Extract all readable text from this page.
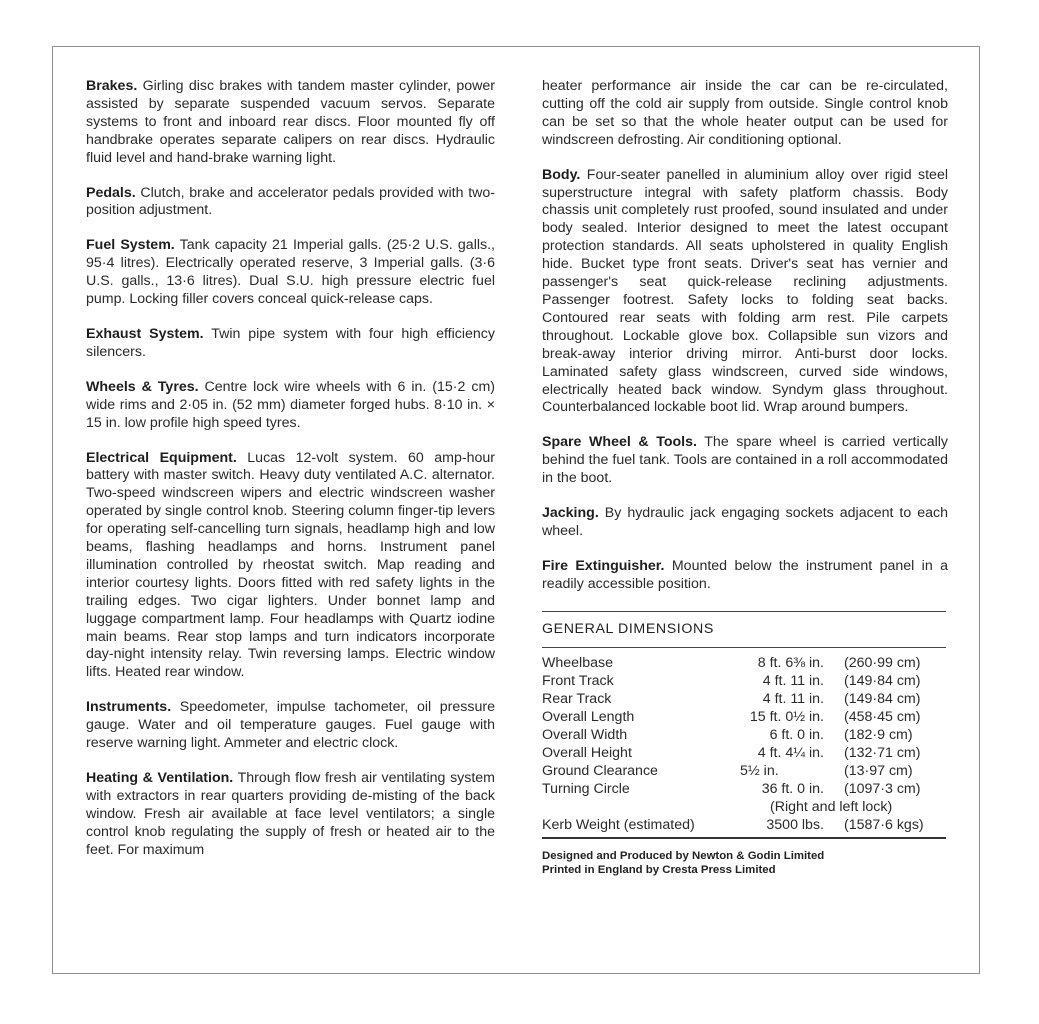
Brakes. Girling disc brakes with tandem master cylinder, power assisted by separate suspended vacuum servos. Separate systems to front and inboard rear discs. Floor mounted fly off handbrake operates separate calipers on rear discs. Hydraulic fluid level and hand-brake warning light.

Pedals. Clutch, brake and accelerator pedals provided with two-position adjustment.

Fuel System. Tank capacity 21 Imperial galls. (25·2 U.S. galls., 95·4 litres). Electrically operated reserve, 3 Imperial galls. (3·6 U.S. galls., 13·6 litres). Dual S.U. high pressure electric fuel pump. Locking filler covers conceal quick-release caps.

Exhaust System. Twin pipe system with four high efficiency silencers.

Wheels & Tyres. Centre lock wire wheels with 6 in. (15·2 cm) wide rims and 2·05 in. (52 mm) diameter forged hubs. 8·10 in. × 15 in. low profile high speed tyres.

Electrical Equipment. Lucas 12-volt system. 60 amp-hour battery with master switch. Heavy duty ventilated A.C. alternator. Two-speed windscreen wipers and electric windscreen washer operated by single control knob. Steering column finger-tip levers for operating self-cancelling turn signals, headlamp high and low beams, flashing headlamps and horns. Instrument panel illumination controlled by rheostat switch. Map reading and interior courtesy lights. Doors fitted with red safety lights in the trailing edges. Two cigar lighters. Under bonnet lamp and luggage compartment lamp. Four headlamps with Quartz iodine main beams. Rear stop lamps and turn indicators incorporate day-night intensity relay. Twin reversing lamps. Electric window lifts. Heated rear window.

Instruments. Speedometer, impulse tachometer, oil pressure gauge. Water and oil temperature gauges. Fuel gauge with reserve warning light. Ammeter and electric clock.

Heating & Ventilation. Through flow fresh air ventilating system with extractors in rear quarters providing de-misting of the back window. Fresh air available at face level ventilators; a single control knob regulating the supply of fresh or heated air to the feet. For maximum

heater performance air inside the car can be re-circulated, cutting off the cold air supply from outside. Single control knob can be set so that the whole heater output can be used for windscreen defrosting. Air conditioning optional.

Body. Four-seater panelled in aluminium alloy over rigid steel superstructure integral with safety platform chassis. Body chassis unit completely rust proofed, sound insulated and under body sealed. Interior designed to meet the latest occupant protection standards. All seats upholstered in quality English hide. Bucket type front seats. Driver's seat has vernier and passenger's seat quick-release reclining adjustments. Passenger footrest. Safety locks to folding seat backs. Contoured rear seats with folding arm rest. Pile carpets throughout. Lockable glove box. Collapsible sun vizors and break-away interior driving mirror. Anti-burst door locks. Laminated safety glass windscreen, curved side windows, electrically heated back window. Syndym glass throughout. Counterbalanced lockable boot lid. Wrap around bumpers.

Spare Wheel & Tools. The spare wheel is carried vertically behind the fuel tank. Tools are contained in a roll accommodated in the boot.

Jacking. By hydraulic jack engaging sockets adjacent to each wheel.

Fire Extinguisher. Mounted below the instrument panel in a readily accessible position.

GENERAL DIMENSIONS
Wheelbase	8 ft. 6⅜ in. (260·99 cm)
Front Track	4 ft. 11 in. (149·84 cm)
Rear Track	4 ft. 11 in. (149·84 cm)
Overall Length	15 ft. 0½ in. (458·45 cm)
Overall Width	6 ft. 0 in. (182·9 cm)
Overall Height	4 ft. 4¼ in. (132·71 cm)
Ground Clearance	5½ in.	(13·97 cm)
Turning Circle	36 ft. 0 in. (1097·3 cm)
(Right and left lock)
Kerb Weight (estimated)	3500 lbs. (1587·6 kgs)
Designed and Produced by Newton & Godin Limited
Printed in England by Cresta Press Limited
